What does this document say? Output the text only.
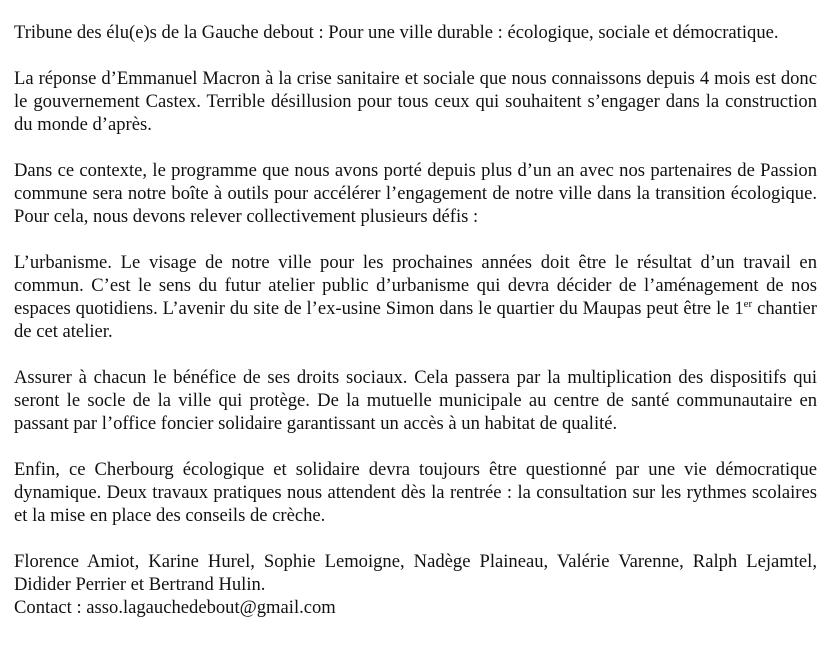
Tribune des élu(e)s de la Gauche debout : Pour une ville durable : écologique, sociale et démocratique.

La réponse d’Emmanuel Macron à la crise sanitaire et sociale que nous connaissons depuis 4 mois est donc le gouvernement Castex. Terrible désillusion pour tous ceux qui souhaitent s’engager dans la construction du monde d’après.

Dans ce contexte, le programme que nous avons porté depuis plus d’un an avec nos partenaires de Passion commune sera notre boîte à outils pour accélérer l’engagement de notre ville dans la transition écologique. Pour cela, nous devons relever collectivement plusieurs défis :

L’urbanisme. Le visage de notre ville pour les prochaines années doit être le résultat d’un travail en commun. C’est le sens du futur atelier public d’urbanisme qui devra décider de l’aménagement de nos espaces quotidiens. L’avenir du site de l’ex-usine Simon dans le quartier du Maupas peut être le 1er chantier de cet atelier.

Assurer à chacun le bénéfice de ses droits sociaux. Cela passera par la multiplication des dispositifs qui seront le socle de la ville qui protège. De la mutuelle municipale au centre de santé communautaire en passant par l’office foncier solidaire garantissant un accès à un habitat de qualité.

Enfin, ce Cherbourg écologique et solidaire devra toujours être questionné par une vie démocratique dynamique. Deux travaux pratiques nous attendent dès la rentrée : la consultation sur les rythmes scolaires et la mise en place des conseils de crèche.

Florence Amiot, Karine Hurel, Sophie Lemoigne, Nadège Plaineau, Valérie Varenne, Ralph Lejamtel, Didider Perrier et Bertrand Hulin.
Contact : asso.lagauchedebout@gmail.com
